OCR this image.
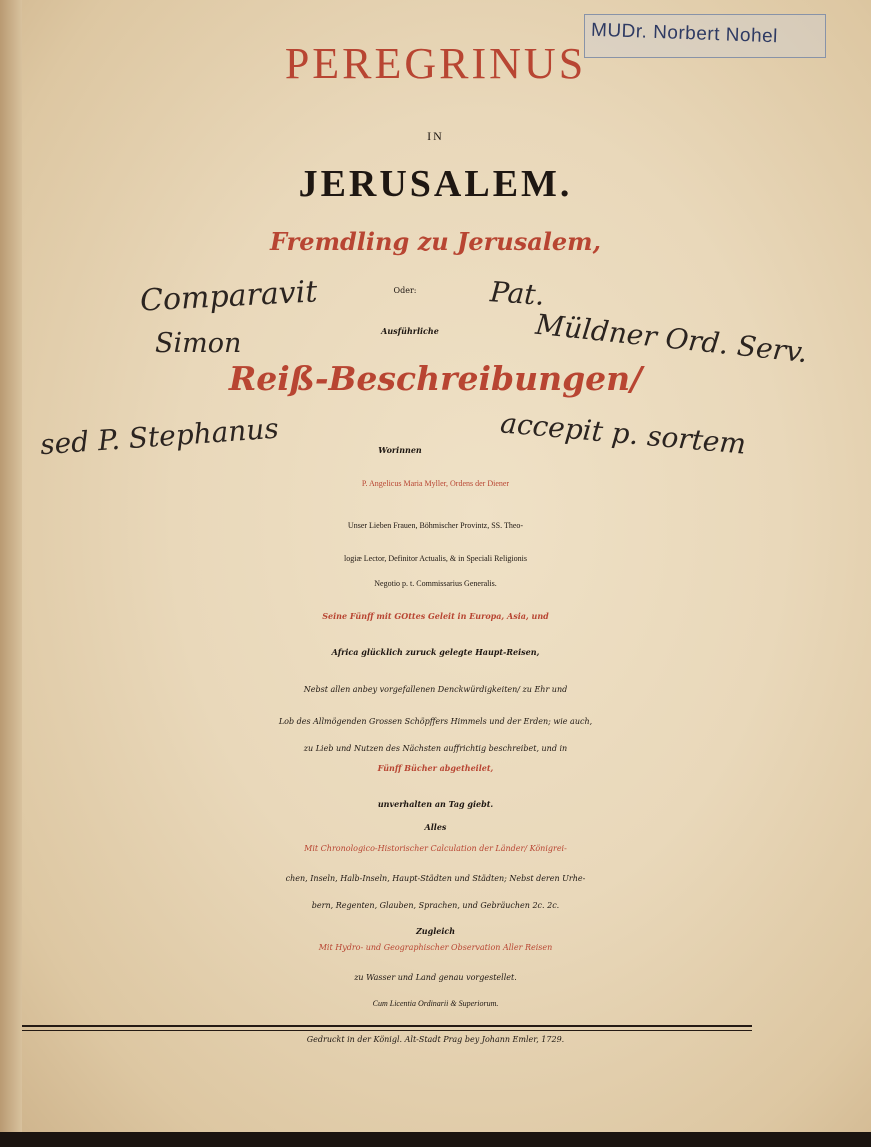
MUDr. Norbert Nohel
PEREGRINUS
IN
JERUSALEM.
Fremdling zu Jerusalem,
Oder:
Ausführliche
Reiß-Beschreibungen/
Worinnen
P. Angelicus Maria Myller, Ordens der Diener
Unser Lieben Frauen, Böhmischer Provintz, SS. Theo-
logiæ Lector, Definitor Actualis, & in Speciali Religionis
Negotio p. t. Commissarius Generalis.
Seine Fünff mit GOttes Geleit in Europa, Asia, und
Africa glücklich zuruck gelegte Haupt-Reisen,
Nebst allen anbey vorgefallenen Denckwürdigkeiten/ zu Ehr und
Lob des Allmögenden Grossen Schöpffers Himmels und der Erden; wie auch,
zu Lieb und Nutzen des Nächsten auffrichtig beschreibet, und in
Fünff Bücher abgetheilet,
unverhalten an Tag giebt.
Alles
Mit Chronologico-Historischer Calculation der Länder/ Königrei-
chen, Inseln, Halb-Inseln, Haupt-Städten und Städten; Nebst deren Urhe-
bern, Regenten, Glauben, Sprachen, und Gebräuchen 2c. 2c.
Zugleich
Mit Hydro- und Geographischer Observation Aller Reisen
zu Wasser und Land genau vorgestellet.
Cum Licentia Ordinarii & Superiorum.
Gedruckt in der Königl. Alt-Stadt Prag bey Johann Emler, 1729.
Comparavit	Pat.
Simon	Müldner Ord. Serv.
sed P. Stephanus	accepit p. sortem
